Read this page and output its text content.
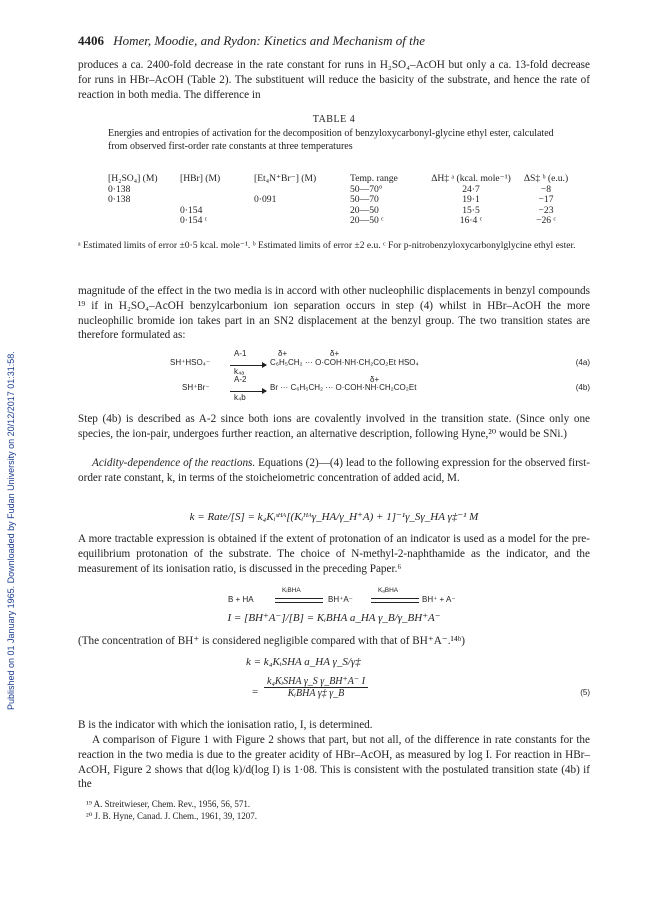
Published on 01 January 1965. Downloaded by Fudan University on 20/12/2017 01:31:58.
4406 Homer, Moodie, and Rydon: Kinetics and Mechanism of the

produces a ca. 2400-fold decrease in the rate constant for runs in H₂SO₄–AcOH but only a ca. 13-fold decrease for runs in HBr–AcOH (Table 2). The substituent will reduce the basicity of the substrate, and hence the rate of reaction in both media. The difference in

TABLE 4
Energies and entropies of activation for the decomposition of benzyloxycarbonyl-glycine ethyl ester, calculated from observed first-order rate constants at three temperatures
[H₂SO₄] (M)	[HBr] (M)	[Et₄N⁺Br⁻] (M)	Temp. range	ΔH‡ ᵃ (kcal. mole⁻¹)	ΔS‡ ᵇ (e.u.)
0·138			50—70°	24·7	−8
0·138		0·091	50—70	19·1	−17
	0·154		20—50	15·5	−23
	0·154 ᶜ		20—50 ᶜ	16·4 ᶜ	−26 ᶜ
ᵃ Estimated limits of error ±0·5 kcal. mole⁻¹. ᵇ Estimated limits of error ±2 e.u. ᶜ For p-nitrobenzyloxycarbonylglycine ethyl ester.

magnitude of the effect in the two media is in accord with other nucleophilic displacements in benzyl compounds ¹⁹ if in H₂SO₄–AcOH benzylcarbonium ion separation occurs in step (4) whilst in HBr–AcOH the more nucleophilic bromide ion takes part in an SN2 displacement at the benzyl group. The two transition states are therefore formulated as:

SH⁺HSO₄⁻
A-1
k₄ₐ
δ+	δ+
C₆H₅CH₂ ··· O·COH·NH·CH₂CO₂Et HSO₄	(4a)
SH⁺Br⁻
A-2
k₄b
δ+
Br ··· C₆H₅CH₂ ··· O·COH·NH·CH₂CO₂Et	(4b)

Step (4b) is described as A-2 since both ions are covalently involved in the transition state. (Since only one species, the ion-pair, undergoes further reaction, an alternative description, following Hyne,²⁰ would be SNi.)

Acidity-dependence of the reactions. Equations (2)—(4) lead to the following expression for the observed first-order rate constant, k, in terms of the stoicheiometric concentration of added acid, M.

k = Rate/[S] = k₄Kᵢˢᴴᴬ[(Kᵢᴴᴬγ_HA/γ_H⁺A) + 1]⁻¹γ_Sγ_HA γ‡⁻¹ M

A more tractable expression is obtained if the extent of protonation of an indicator is used as a model for the pre-equilibrium protonation of the substrate. The choice of N-methyl-2-naphthamide as the indicator, and the measurement of its ionisation ratio, is discussed in the preceding Paper.⁶

B + HA
KᵢBHA
BH⁺A⁻
KₐBHA
BH⁺ + A⁻
I = [BH⁺A⁻]/[B] = KᵢBHA a_HA γ_B/γ_BH⁺A⁻

(The concentration of BH⁺ is considered negligible compared with that of BH⁺A⁻.¹⁴ᵇ)

k = k₄KᵢSHA a_HA γ_S/γ‡
=
k₄KᵢSHA γ_S γ_BH⁺A⁻ I
KᵢBHA γ‡ γ_B	(5)

B is the indicator with which the ionisation ratio, I, is determined.

A comparison of Figure 1 with Figure 2 shows that part, but not all, of the difference in rate constants for the reaction in the two media is due to the greater acidity of HBr–AcOH, as measured by log I. For reaction in HBr–AcOH, Figure 2 shows that d(log k)/d(log I) is 1·08. This is consistent with the postulated transition state (4b) if the

¹⁹ A. Streitwieser, Chem. Rev., 1956, 56, 571.
²⁰ J. B. Hyne, Canad. J. Chem., 1961, 39, 1207.
